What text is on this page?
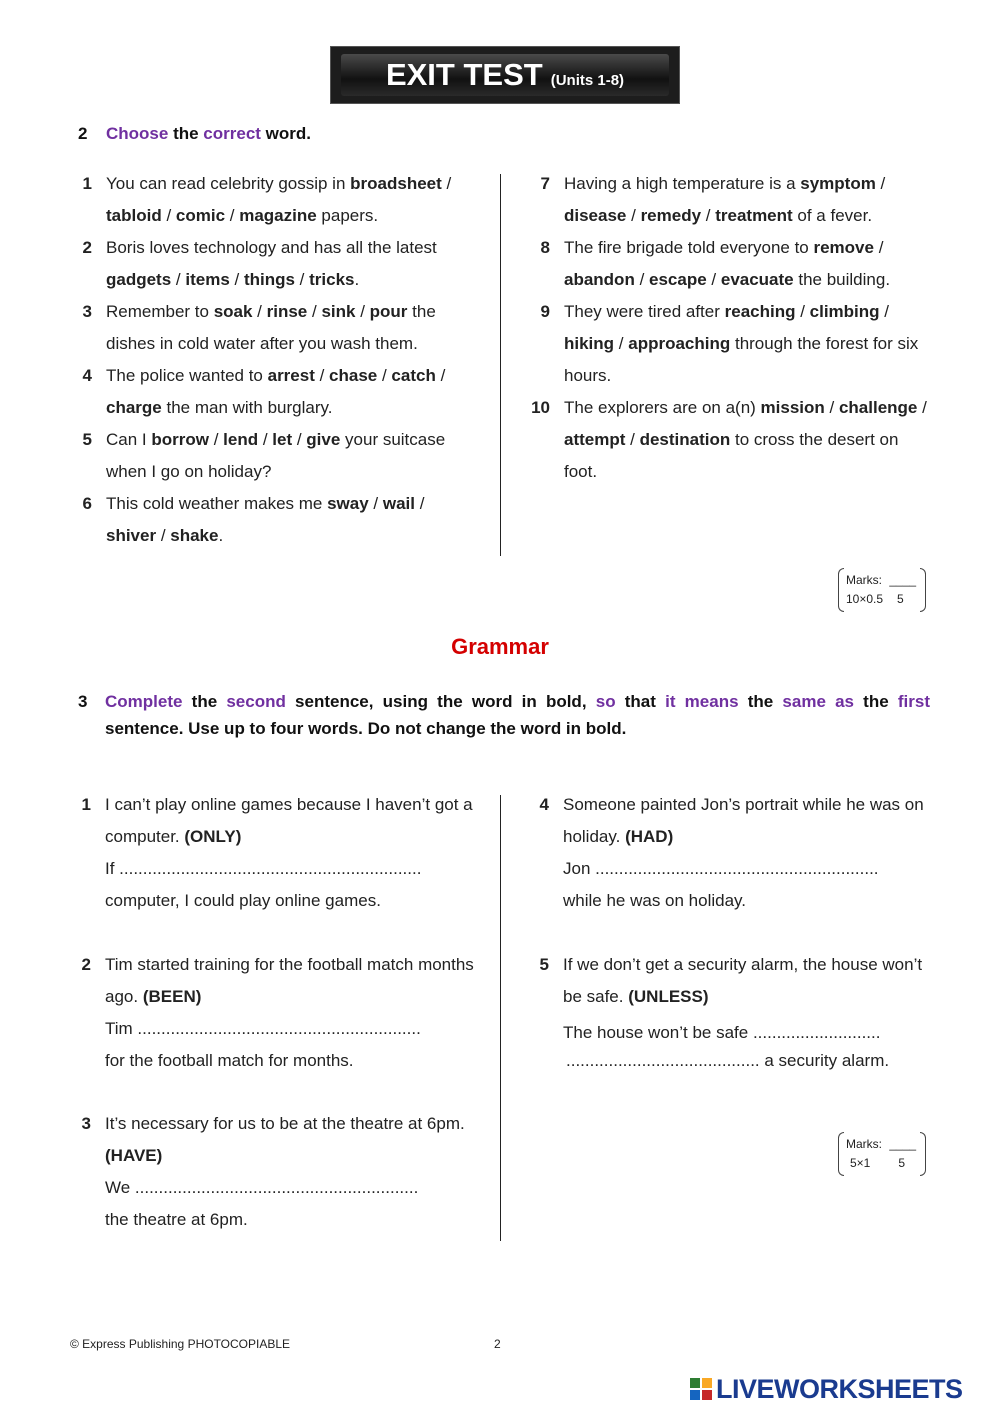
EXIT TEST (Units 1-8)
2 Choose the correct word.
1 You can read celebrity gossip in broadsheet / tabloid / comic / magazine papers.
2 Boris loves technology and has all the latest gadgets / items / things / tricks.
3 Remember to soak / rinse / sink / pour the dishes in cold water after you wash them.
4 The police wanted to arrest / chase / catch / charge the man with burglary.
5 Can I borrow / lend / let / give your suitcase when I go on holiday?
6 This cold weather makes me sway / wail / shiver / shake.
7 Having a high temperature is a symptom / disease / remedy / treatment of a fever.
8 The fire brigade told everyone to remove / abandon / escape / evacuate the building.
9 They were tired after reaching / climbing / hiking / approaching through the forest for six hours.
10 The explorers are on a(n) mission / challenge / attempt / destination to cross the desert on foot.
Marks: ____
10×0.5 5
Grammar
3 Complete the second sentence, using the word in bold, so that it means the same as the first sentence. Use up to four words. Do not change the word in bold.
1 I can’t play online games because I haven’t got a computer. (ONLY)
If ................................................................
computer, I could play online games.
2 Tim started training for the football match months ago. (BEEN)
Tim ............................................................
for the football match for months.
3 It’s necessary for us to be at the theatre at 6pm. (HAVE)
We ............................................................
the theatre at 6pm.
4 Someone painted Jon’s portrait while he was on holiday. (HAD)
Jon ............................................................
while he was on holiday.
5 If we don’t get a security alarm, the house won’t be safe. (UNLESS)
The house won’t be safe ...........................
......................................... a security alarm.
Marks: ____
5×1 5
© Express Publishing PHOTOCOPIABLE	2
LIVEWORKSHEETS
